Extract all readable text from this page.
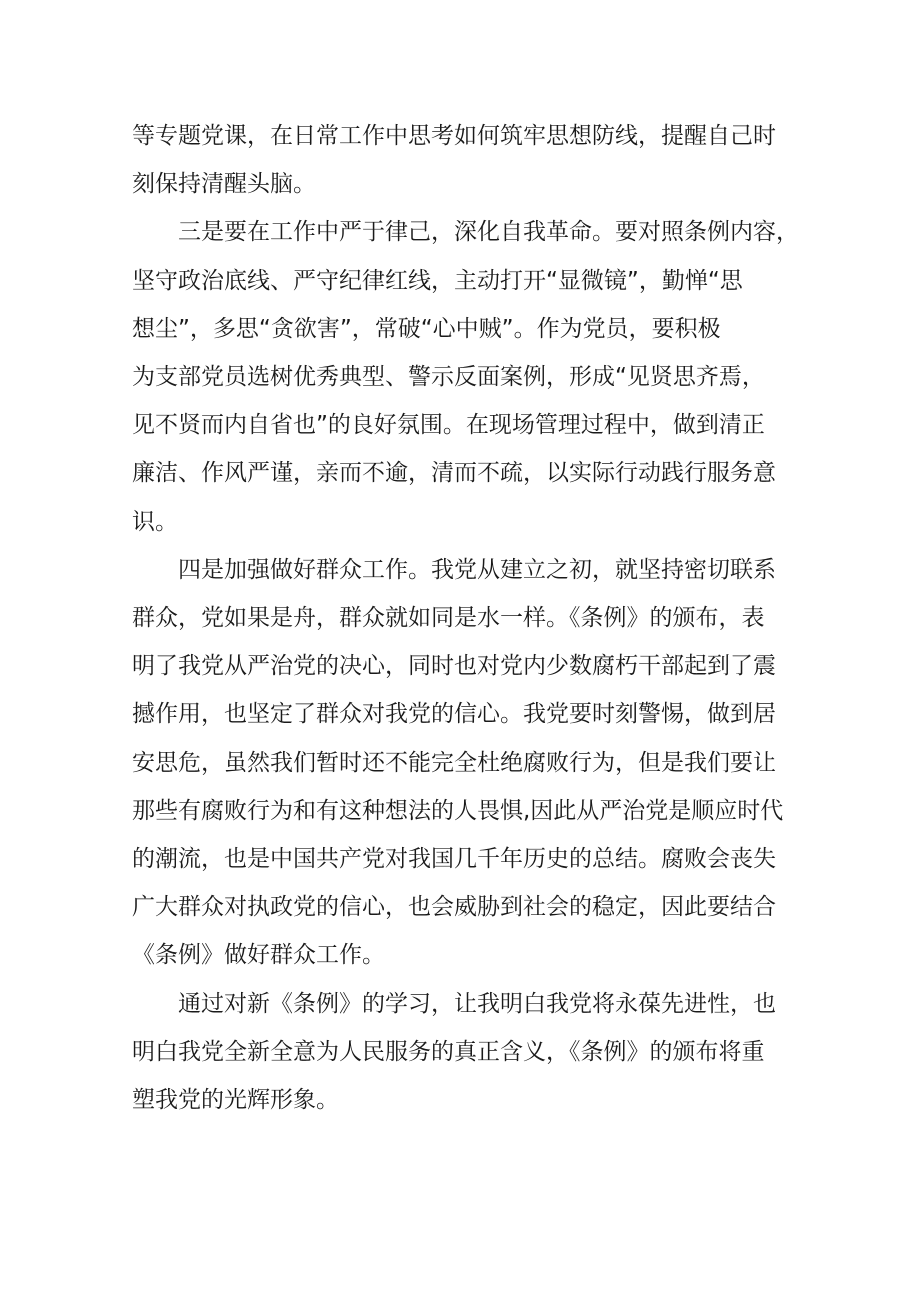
等专题党课，在日常工作中思考如何筑牢思想防线，提醒自己时
刻保持清醒头脑。

三是要在工作中严于律己，深化自我革命。要对照条例内容，
坚守政治底线、严守纪律红线，主动打开“显微镜”，勤惮“思
想尘”，多思“贪欲害”，常破“心中贼”。作为党员，要积极
为支部党员选树优秀典型、警示反面案例，形成“见贤思齐焉，
见不贤而内自省也”的良好氛围。在现场管理过程中，做到清正
廉洁、作风严谨，亲而不逾，清而不疏，以实际行动践行服务意
识。

四是加强做好群众工作。我党从建立之初，就坚持密切联系
群众，党如果是舟，群众就如同是水一样。《条例》的颁布，表
明了我党从严治党的决心，同时也对党内少数腐朽干部起到了震
撼作用，也坚定了群众对我党的信心。我党要时刻警惕，做到居
安思危，虽然我们暂时还不能完全杜绝腐败行为，但是我们要让
那些有腐败行为和有这种想法的人畏惧,因此从严治党是顺应时代
的潮流，也是中国共产党对我国几千年历史的总结。腐败会丧失
广大群众对执政党的信心，也会威胁到社会的稳定，因此要结合
《条例》做好群众工作。

通过对新《条例》的学习，让我明白我党将永葆先进性，也
明白我党全新全意为人民服务的真正含义，《条例》的颁布将重
塑我党的光辉形象。
